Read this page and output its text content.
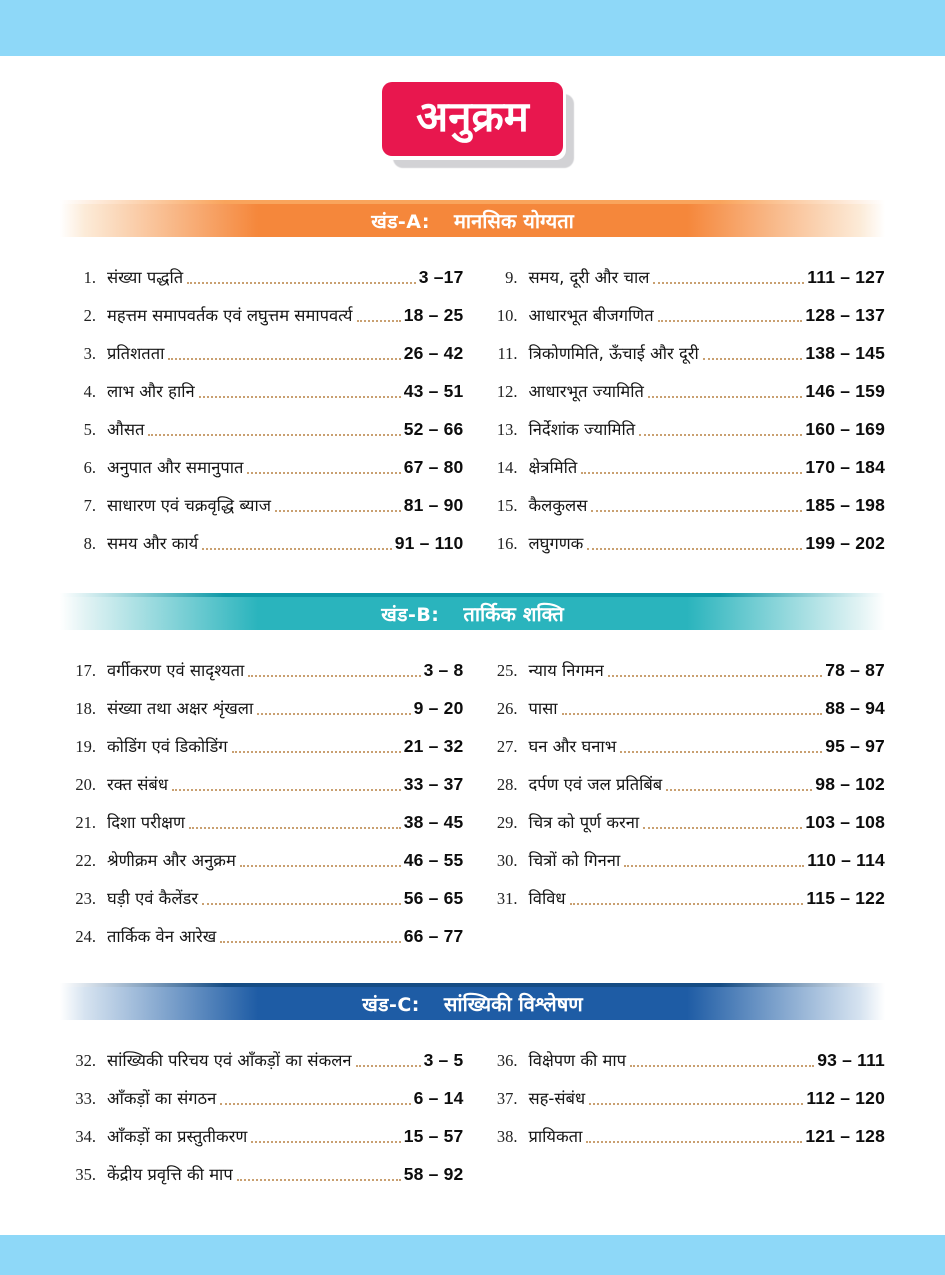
अनुक्रम
खंड-A: मानसिक योग्यता
1. संख्या पद्धति	3 –17
2. महत्तम समापवर्तक एवं लघुत्तम समापवर्त्य	18 – 25
3. प्रतिशतता	26 – 42
4. लाभ और हानि	43 – 51
5. औसत	52 – 66
6. अनुपात और समानुपात	67 – 80
7. साधारण एवं चक्रवृद्धि ब्याज	81 – 90
8. समय और कार्य	91 – 110
9. समय, दूरी और चाल	111 – 127
10. आधारभूत बीजगणित	128 – 137
11. त्रिकोणमिति, ऊँचाई और दूरी	138 – 145
12. आधारभूत ज्यामिति	146 – 159
13. निर्देशांक ज्यामिति	160 – 169
14. क्षेत्रमिति	170 – 184
15. कैलकुलस	185 – 198
16. लघुगणक	199 – 202
खंड-B: तार्किक शक्ति
17. वर्गीकरण एवं सादृश्यता	3 – 8
18. संख्या तथा अक्षर शृंखला	9 – 20
19. कोडिंग एवं डिकोडिंग	21 – 32
20. रक्त संबंध	33 – 37
21. दिशा परीक्षण	38 – 45
22. श्रेणीक्रम और अनुक्रम	46 – 55
23. घड़ी एवं कैलेंडर	56 – 65
24. तार्किक वेन आरेख	66 – 77
25. न्याय निगमन	78 – 87
26. पासा	88 – 94
27. घन और घनाभ	95 – 97
28. दर्पण एवं जल प्रतिबिंब	98 – 102
29. चित्र को पूर्ण करना	103 – 108
30. चित्रों को गिनना	110 – 114
31. विविध	115 – 122
खंड-C: सांख्यिकी विश्लेषण
32. सांख्यिकी परिचय एवं आँकड़ों का संकलन	3 – 5
33. आँकड़ों का संगठन	6 – 14
34. आँकड़ों का प्रस्तुतीकरण	15 – 57
35. केंद्रीय प्रवृत्ति की माप	58 – 92
36. विक्षेपण की माप	93 – 111
37. सह-संबंध	112 – 120
38. प्रायिकता	121 – 128
